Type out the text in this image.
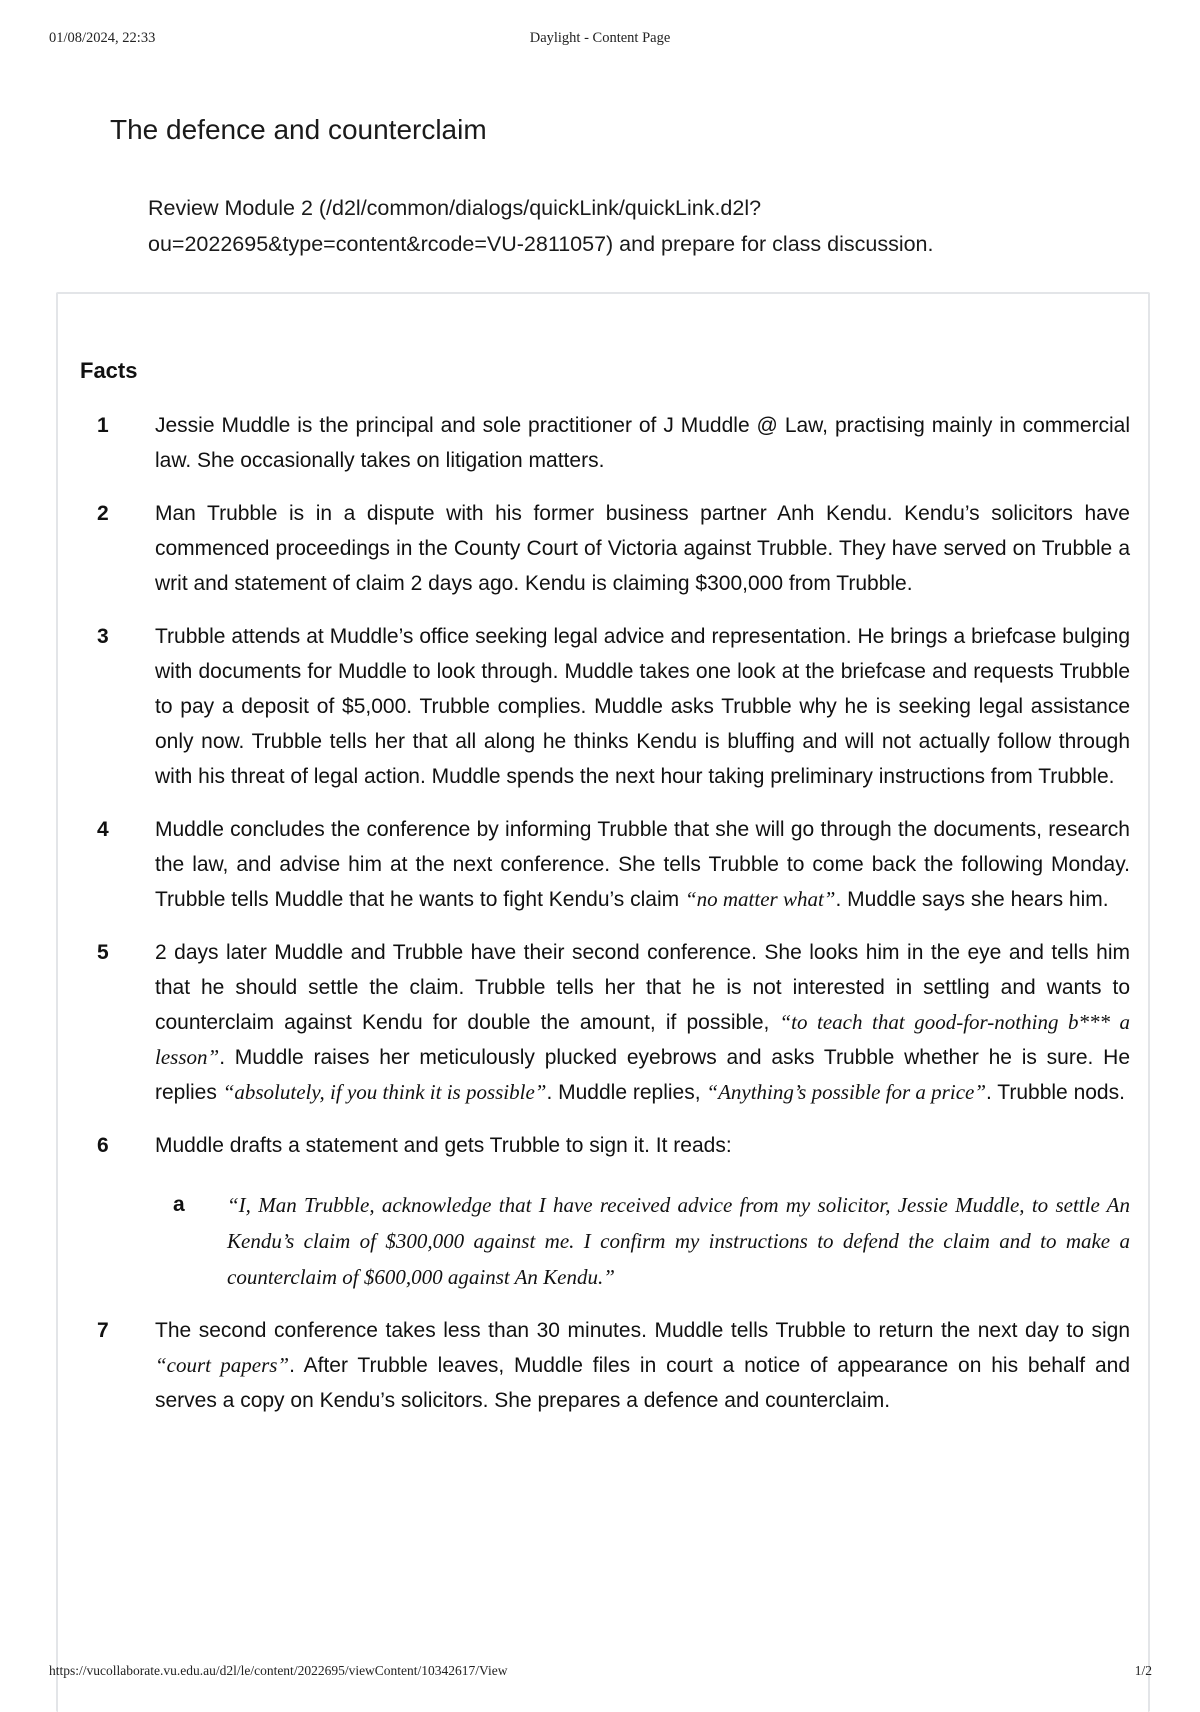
01/08/2024, 22:33	Daylight - Content Page
The defence and counterclaim
Review Module 2 (/d2l/common/dialogs/quickLink/quickLink.d2l?ou=2022695&type=content&rcode=VU-2811057) and prepare for class discussion.
Facts
1 Jessie Muddle is the principal and sole practitioner of J Muddle @ Law, practising mainly in commercial law. She occasionally takes on litigation matters.

2 Man Trubble is in a dispute with his former business partner Anh Kendu. Kendu’s solicitors have commenced proceedings in the County Court of Victoria against Trubble. They have served on Trubble a writ and statement of claim 2 days ago. Kendu is claiming $300,000 from Trubble.

3 Trubble attends at Muddle’s office seeking legal advice and representation. He brings a briefcase bulging with documents for Muddle to look through. Muddle takes one look at the briefcase and requests Trubble to pay a deposit of $5,000. Trubble complies. Muddle asks Trubble why he is seeking legal assistance only now. Trubble tells her that all along he thinks Kendu is bluffing and will not actually follow through with his threat of legal action. Muddle spends the next hour taking preliminary instructions from Trubble.

4 Muddle concludes the conference by informing Trubble that she will go through the documents, research the law, and advise him at the next conference. She tells Trubble to come back the following Monday. Trubble tells Muddle that he wants to fight Kendu’s claim “no matter what”. Muddle says she hears him.

5 2 days later Muddle and Trubble have their second conference. She looks him in the eye and tells him that he should settle the claim. Trubble tells her that he is not interested in settling and wants to counterclaim against Kendu for double the amount, if possible, “to teach that good-for-nothing b*** a lesson”. Muddle raises her meticulously plucked eyebrows and asks Trubble whether he is sure. He replies “absolutely, if you think it is possible”. Muddle replies, “Anything’s possible for a price”. Trubble nods.

6 Muddle drafts a statement and gets Trubble to sign it. It reads:

a “I, Man Trubble, acknowledge that I have received advice from my solicitor, Jessie Muddle, to settle An Kendu’s claim of $300,000 against me. I confirm my instructions to defend the claim and to make a counterclaim of $600,000 against An Kendu.”

7 The second conference takes less than 30 minutes. Muddle tells Trubble to return the next day to sign “court papers”. After Trubble leaves, Muddle files in court a notice of appearance on his behalf and serves a copy on Kendu’s solicitors. She prepares a defence and counterclaim.

https://vucollaborate.vu.edu.au/d2l/le/content/2022695/viewContent/10342617/View	1/2
